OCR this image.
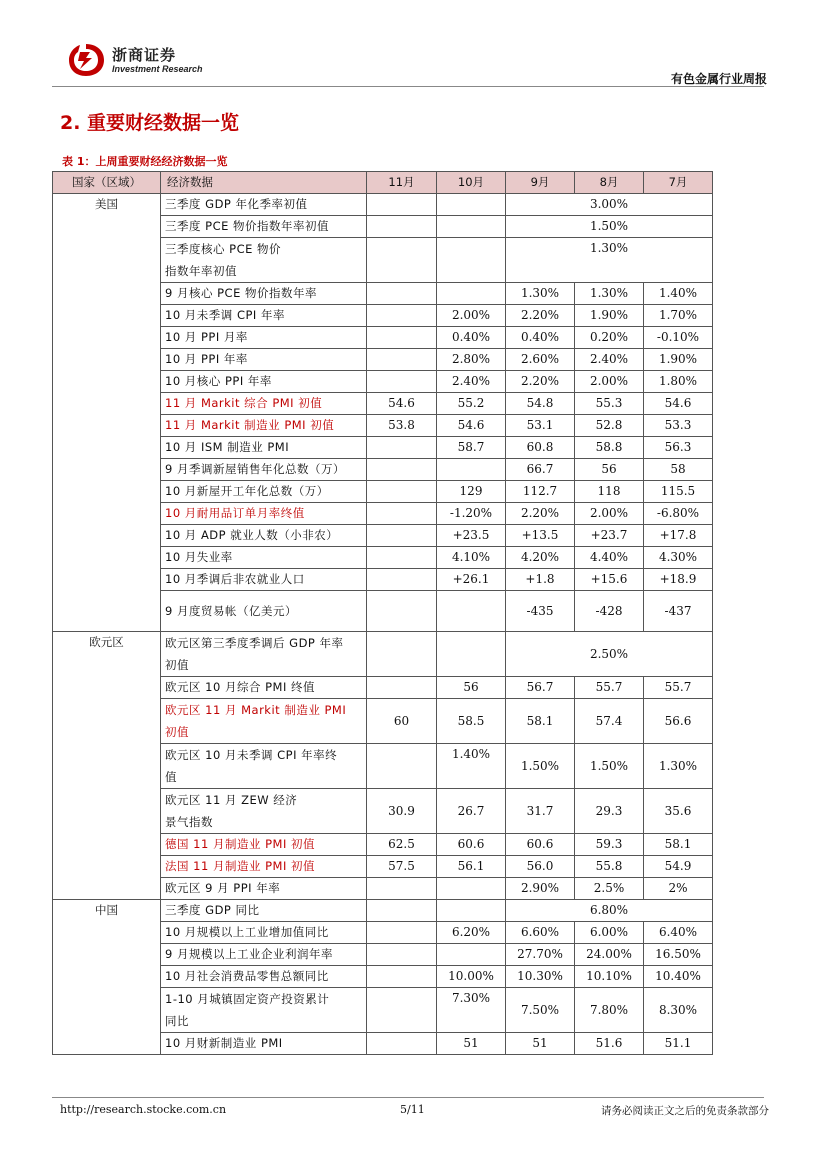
浙商证券
Investment Research
有色金属行业周报
2. 重要财经数据一览
表 1：上周重要财经经济数据一览
国家（区域）	经济数据	11月	10月	9月	8月	7月
美国	三季度 GDP 年化季率初值			3.00%		
	三季度 PCE 物价指数年率初值			1.50%		
	三季度核心 PCE 物价
指数年率初值			1.30%		
	9 月核心 PCE 物价指数年率			1.30%	1.30%	1.40%
	10 月未季调 CPI 年率		2.00%	2.20%	1.90%	1.70%
	10 月 PPI 月率		0.40%	0.40%	0.20%	-0.10%
	10 月 PPI 年率		2.80%	2.60%	2.40%	1.90%
	10 月核心 PPI 年率		2.40%	2.20%	2.00%	1.80%
	11 月 Markit 综合 PMI 初值	54.6	55.2	54.8	55.3	54.6
	11 月 Markit 制造业 PMI 初值	53.8	54.6	53.1	52.8	53.3
	10 月 ISM 制造业 PMI		58.7	60.8	58.8	56.3
	9 月季调新屋销售年化总数（万）			66.7	56	58
	10 月新屋开工年化总数（万）		129	112.7	118	115.5
	10 月耐用品订单月率终值		-1.20%	2.20%	2.00%	-6.80%
	10 月 ADP 就业人数（小非农）		+23.5	+13.5	+23.7	+17.8
	10 月失业率		4.10%	4.20%	4.40%	4.30%
	10 月季调后非农就业人口		+26.1	+1.8	+15.6	+18.9
	9 月度贸易帐（亿美元）			-435	-428	-437
欧元区	欧元区第三季度季调后 GDP 年率
初值			2.50%		
	欧元区 10 月综合 PMI 终值		56	56.7	55.7	55.7
	欧元区 11 月 Markit 制造业 PMI
初值	60	58.5	58.1	57.4	56.6
	欧元区 10 月未季调 CPI 年率终
值		1.40%	1.50%	1.50%	1.30%
	欧元区 11 月 ZEW 经济
景气指数	30.9	26.7	31.7	29.3	35.6
	德国 11 月制造业 PMI 初值	62.5	60.6	60.6	59.3	58.1
	法国 11 月制造业 PMI 初值	57.5	56.1	56.0	55.8	54.9
	欧元区 9 月 PPI 年率			2.90%	2.5%	2%
中国	三季度 GDP 同比			6.80%		
	10 月规模以上工业增加值同比		6.20%	6.60%	6.00%	6.40%
	9 月规模以上工业企业利润年率			27.70%	24.00%	16.50%
	10 月社会消费品零售总额同比		10.00%	10.30%	10.10%	10.40%
	1-10 月城镇固定资产投资累计
同比		7.30%	7.50%	7.80%	8.30%
	10 月财新制造业 PMI		51	51	51.6	51.1
http://research.stocke.com.cn	5/11	请务必阅读正文之后的免责条款部分
